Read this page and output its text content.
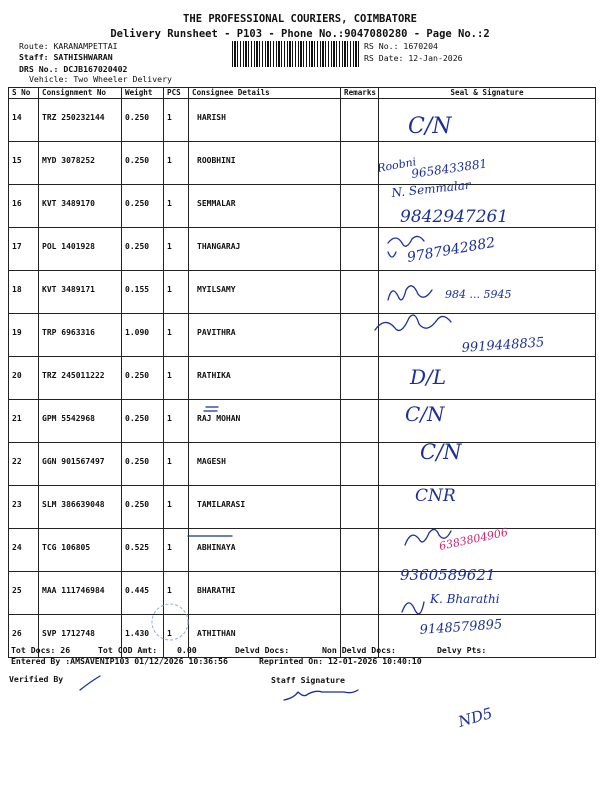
THE PROFESSIONAL COURIERS, COIMBATORE
Delivery Runsheet - P103 - Phone No.:9047080280 - Page No.:2
Route: KARANAMPETTAI
Staff: SATHISHWARAN
DRS No.: DCJB167020402
Vehicle: Two Wheeler Delivery
RS No.: 1670204
RS Date: 12-Jan-2026
S No	Consignment No	Weight	PCS	Consignee Details	Remarks	Seal & Signature
14	TRZ 250232144	0.250	1	HARISH		
15	MYD 3078252	0.250	1	ROOBHINI		
16	KVT 3489170	0.250	1	SEMMALAR		
17	POL 1401928	0.250	1	THANGARAJ		
18	KVT 3489171	0.155	1	MYILSAMY		
19	TRP 6963316	1.090	1	PAVITHRA		
20	TRZ 245011222	0.250	1	RATHIKA		
21	GPM 5542968	0.250	1	RAJ MOHAN		
22	GGN 901567497	0.250	1	MAGESH		
23	SLM 386639048	0.250	1	TAMILARASI		
24	TCG 106805	0.525	1	ABHINAYA		
25	MAA 111746984	0.445	1	BHARATHI		
26	SVP 1712748	1.430	1	ATHITHAN		
C/N
Roobni
9658433881
N. Semmalar
9842947261
9787942882
984 ... 5945
9919448835
D/L
C/N
C/N
CNR
6383804906
9360589621
K. Bharathi
9148579895
ND5
Tot Docs: 26	Tot COD Amt: 0.00	Delvd Docs:	Non Delvd Docs:	Delvy Pts:
Entered By :AMSAVENIP103 01/12/2026 10:36:56	Reprinted On: 12-01-2026 10:40:10
Verified By	Staff Signature
